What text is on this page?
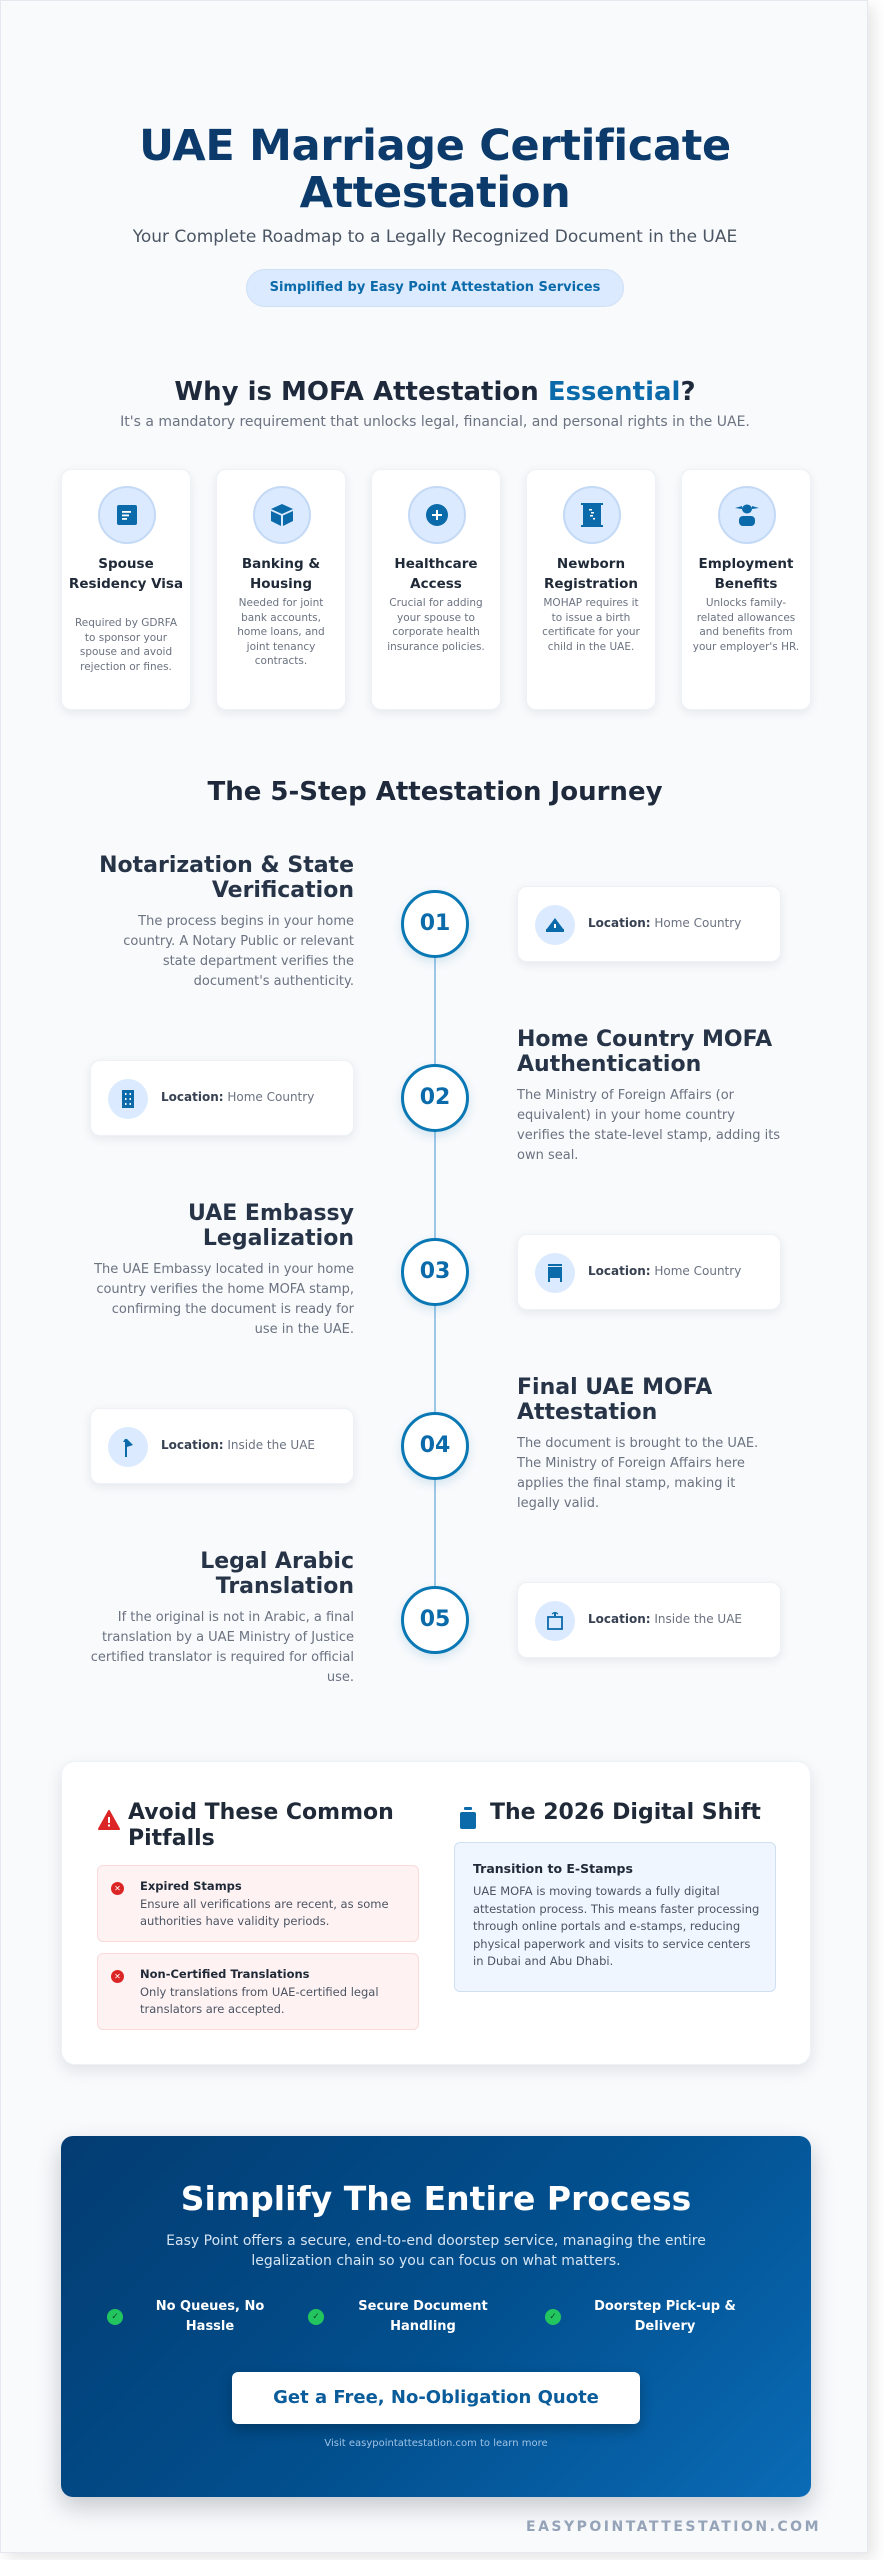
UAE Marriage Certificate
Attestation
Your Complete Roadmap to a Legally Recognized Document in the UAE
Simplified by Easy Point Attestation Services
Why is MOFA Attestation Essential?
It's a mandatory requirement that unlocks legal, financial, and personal rights in the UAE.
Spouse Residency Visa

Required by GDRFA to sponsor your spouse and avoid rejection or fines.

Banking & Housing

Needed for joint bank accounts, home loans, and joint tenancy contracts.

Healthcare Access

Crucial for adding your spouse to corporate health insurance policies.

Newborn Registration

MOHAP requires it to issue a birth certificate for your child in the UAE.

Employment Benefits

Unlocks family-related allowances and benefits from your employer's HR.

The 5-Step Attestation Journey
Notarization & State Verification
The process begins in your home country. A Notary Public or relevant state department verifies the document's authenticity.
01	Location: Home Country
Home Country MOFA Authentication
The Ministry of Foreign Affairs (or equivalent) in your home country verifies the state-level stamp, adding its own seal.
02
Location: Home Country
UAE Embassy Legalization
The UAE Embassy located in your home country verifies the home MOFA stamp, confirming the document is ready for use in the UAE.
03	Location: Home Country
Final UAE MOFA Attestation
The document is brought to the UAE. The Ministry of Foreign Affairs here applies the final stamp, making it legally valid.
04
Location: Inside the UAE
Legal Arabic Translation
If the original is not in Arabic, a final translation by a UAE Ministry of Justice certified translator is required for official use.
05	Location: Inside the UAE
Avoid These Common Pitfalls
✕ Expired Stamps

Ensure all verifications are recent, as some authorities have validity periods.

✕ Non-Certified Translations

Only translations from UAE-certified legal translators are accepted.

The 2026 Digital Shift
Transition to E-Stamps

UAE MOFA is moving towards a fully digital attestation process. This means faster processing through online portals and e-stamps, reducing physical paperwork and visits to service centers in Dubai and Abu Dhabi.

Simplify The Entire Process
Easy Point offers a secure, end-to-end doorstep service, managing the entire legalization chain so you can focus on what matters.
✓
No Queues, No Hassle
✓
Secure Document Handling
✓
Doorstep Pick-up & Delivery
Get a Free, No-Obligation Quote
Visit easypointattestation.com to learn more
EASYPOINTATTESTATION.COM
